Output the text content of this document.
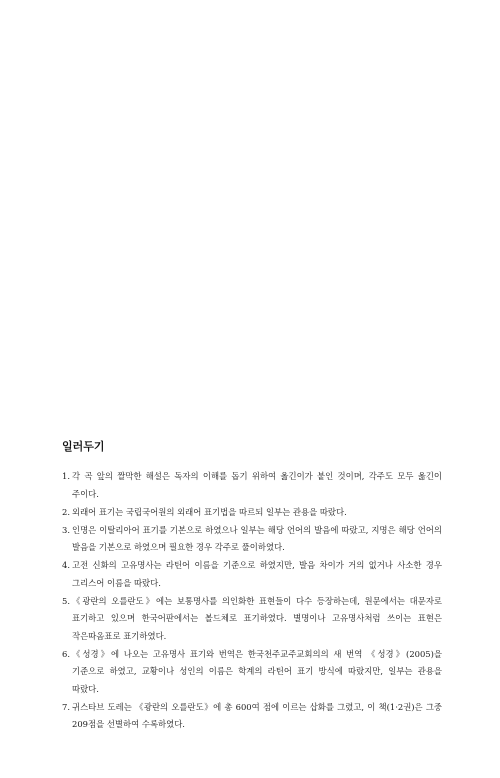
일러두기
1. 각 곡 앞의 짤막한 해설은 독자의 이해를 돕기 위하여 옮긴이가 붙인 것이며, 각주도 모두 옮긴이 주이다.
2. 외래어 표기는 국립국어원의 외래어 표기법을 따르되 일부는 관용을 따랐다.
3. 인명은 이탈리아어 표기를 기본으로 하였으나 일부는 해당 언어의 발음에 따랐고, 지명은 해당 언어의 발음을 기본으로 하였으며 필요한 경우 각주로 풀이하였다.
4. 고전 신화의 고유명사는 라틴어 이름을 기준으로 하였지만, 발음 차이가 거의 없거나 사소한 경우 그리스어 이름을 따랐다.
5. 《광란의 오를란도》에는 보통명사를 의인화한 표현들이 다수 등장하는데, 원문에서는 대문자로 표기하고 있으며 한국어판에서는 볼드체로 표기하였다. 별명이나 고유명사처럼 쓰이는 표현은 작은따옴표로 표기하였다.
6. 《성경》에 나오는 고유명사 표기와 번역은 한국천주교주교회의의 새 번역 《성경》(2005)을 기준으로 하였고, 교황이나 성인의 이름은 학계의 라틴어 표기 방식에 따랐지만, 일부는 관용을 따랐다.
7. 귀스타브 도레는 《광란의 오를란도》에 총 600여 점에 이르는 삽화를 그렸고, 이 책(1·2권)은 그중 209점을 선별하여 수록하였다.
